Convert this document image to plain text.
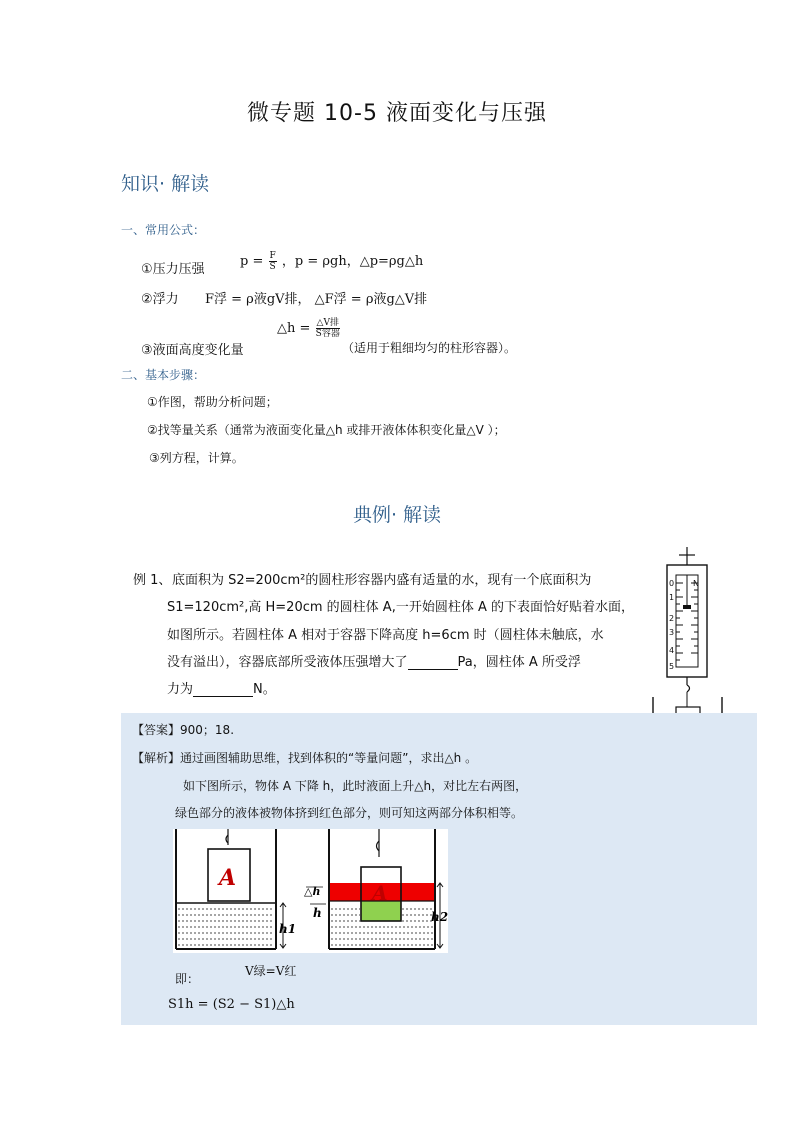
微专题 10-5 液面变化与压强
知识· 解读
一、常用公式：
①压力压强
$p = \frac{F}{S}$ ，p = ρgh，△p=ρg△h
②浮力 F浮 = ρ液gV排， △F浮 = ρ液g△V排
③液面高度变化量
△h = $\frac{\text{△V排}}{\text{S容器}}$
（适用于粗细均匀的柱形容器）。
二、基本步骤：
①作图，帮助分析问题；
②找等量关系（通常为液面变化量△h 或排开液体体积变化量△V ）；
③列方程，计算。
典例· 解读
例 1、 底面积为 S2=200cm²的圆柱形容器内盛有适量的水，现有一个底面积为
S1=120cm²,高 H=20cm 的圆柱体 A,一开始圆柱体 A 的下表面恰好贴着水面，
如图所示。若圆柱体 A 相对于容器下降高度 h=6cm 时（圆柱体未触底，水
没有溢出），容器底部所受液体压强增大了	Pa，圆柱体 A 所受浮
力为	N。
0
1
2
3
4
5
N
【答案】900；18.
【解析】通过画图辅助思维，找到体积的“等量问题”，求出△h 。
如下图所示，物体 A 下降 h，此时液面上升△h，对比左右两图，
绿色部分的液体被物体挤到红色部分，则可知这两部分体积相等。
A
h1
A
△h
h	h2
即：
V绿=V红
S1h = (S2 − S1)△h
